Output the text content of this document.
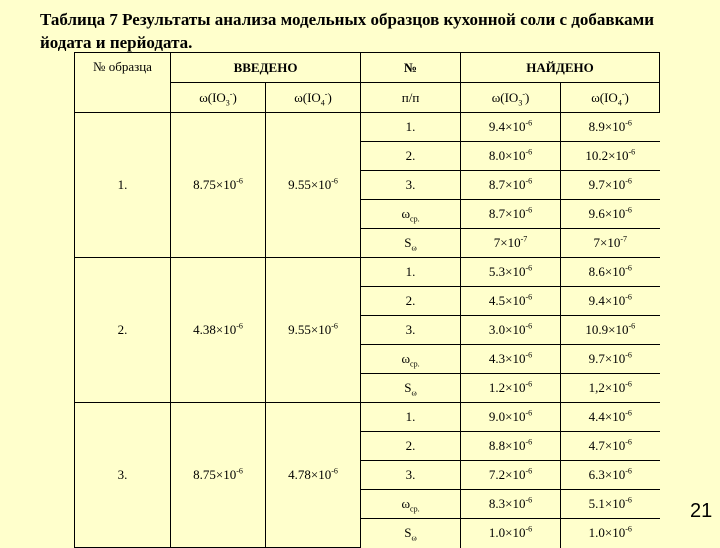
Таблица 7 Результаты анализа модельных образцов кухонной соли с добавками йодата и перйодата.
№ образца	ВВЕДЕНО		№	НАЙДЕНО	
	$\omega(IO_3^-)$	$\omega(IO_4^-)$	п/п	$\omega(IO_3^-)$	$\omega(IO_4^-)$
1.	$8.75\times 10^{-6}$	$9.55\times 10^{-6}$	1.	$9.4\times 10^{-6}$	$8.9\times 10^{-6}$
			2.	$8.0\times 10^{-6}$	$10.2\times 10^{-6}$
			3.	$8.7\times 10^{-6}$	$9.7\times 10^{-6}$
			$\omega_{ср.}$	$8.7\times 10^{-6}$	$9.6\times 10^{-6}$
			$S_\omega$	$7\times 10^{-7}$	$7\times 10^{-7}$
2.	$4.38\times 10^{-6}$	$9.55\times 10^{-6}$	1.	$5.3\times 10^{-6}$	$8.6\times 10^{-6}$
			2.	$4.5\times 10^{-6}$	$9.4\times 10^{-6}$
			3.	$3.0\times 10^{-6}$	$10.9\times 10^{-6}$
			$\omega_{ср.}$	$4.3\times 10^{-6}$	$9.7\times 10^{-6}$
			$S_\omega$	$1.2\times 10^{-6}$	$1,2\times 10^{-6}$
3.	$8.75\times 10^{-6}$	$4.78\times 10^{-6}$	1.	$9.0\times 10^{-6}$	$4.4\times 10^{-6}$
			2.	$8.8\times 10^{-6}$	$4.7\times 10^{-6}$
			3.	$7.2\times 10^{-6}$	$6.3\times 10^{-6}$
			$\omega_{ср.}$	$8.3\times 10^{-6}$	$5.1\times 10^{-6}$
			$S_\omega$	$1.0\times 10^{-6}$	$1.0\times 10^{-6}$
21
